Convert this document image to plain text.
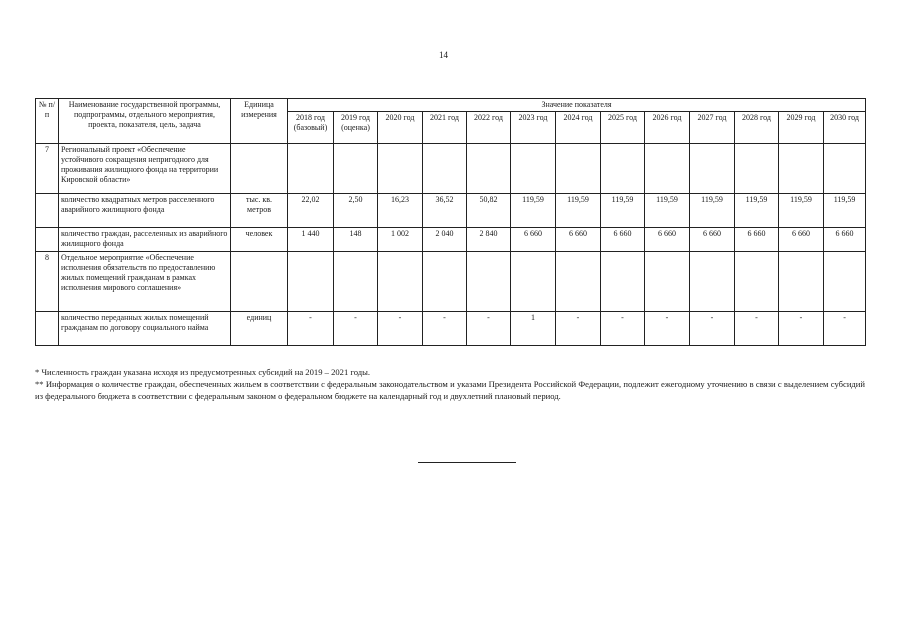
14
№ п/п	Наименование государственной программы, подпрограммы, отдельного мероприятия, проекта, показателя, цель, задача	Единица измерения	Значение показателя												
			2018 год (базовый)	2019 год (оценка)	2020 год	2021 год	2022 год	2023 год	2024 год	2025 год	2026 год	2027 год	2028 год	2029 год	2030 год
7	Региональный проект «Обеспечение устойчивого сокращения непригодного для проживания жилищного фонда на территории Кировской области»														
	количество квадратных метров расселенного аварийного жилищного фонда	тыс. кв. метров	22,02	2,50	16,23	36,52	50,82	119,59	119,59	119,59	119,59	119,59	119,59	119,59	119,59
	количество граждан, расселенных из аварийного жилищного фонда	человек	1 440	148	1 002	2 040	2 840	6 660	6 660	6 660	6 660	6 660	6 660	6 660	6 660
8	Отдельное мероприятие «Обеспечение исполнения обязательств по предоставлению жилых помещений гражданам в рамках исполнения мирового соглашения»														
	количество переданных жилых помещений гражданам по договору социального найма	единиц	-	-	-	-	-	1	-	-	-	-	-	-	-

* Численность граждан указана исходя из предусмотренных субсидий на 2019 – 2021 годы.

** Информация о количестве граждан, обеспеченных жильем в соответствии с федеральным законодательством и указами Президента Российской Федерации, подлежит ежегодному уточнению в связи с выделением субсидий из федерального бюджета в соответствии с федеральным законом о федеральном бюджете на календарный год и двухлетний плановый период.
